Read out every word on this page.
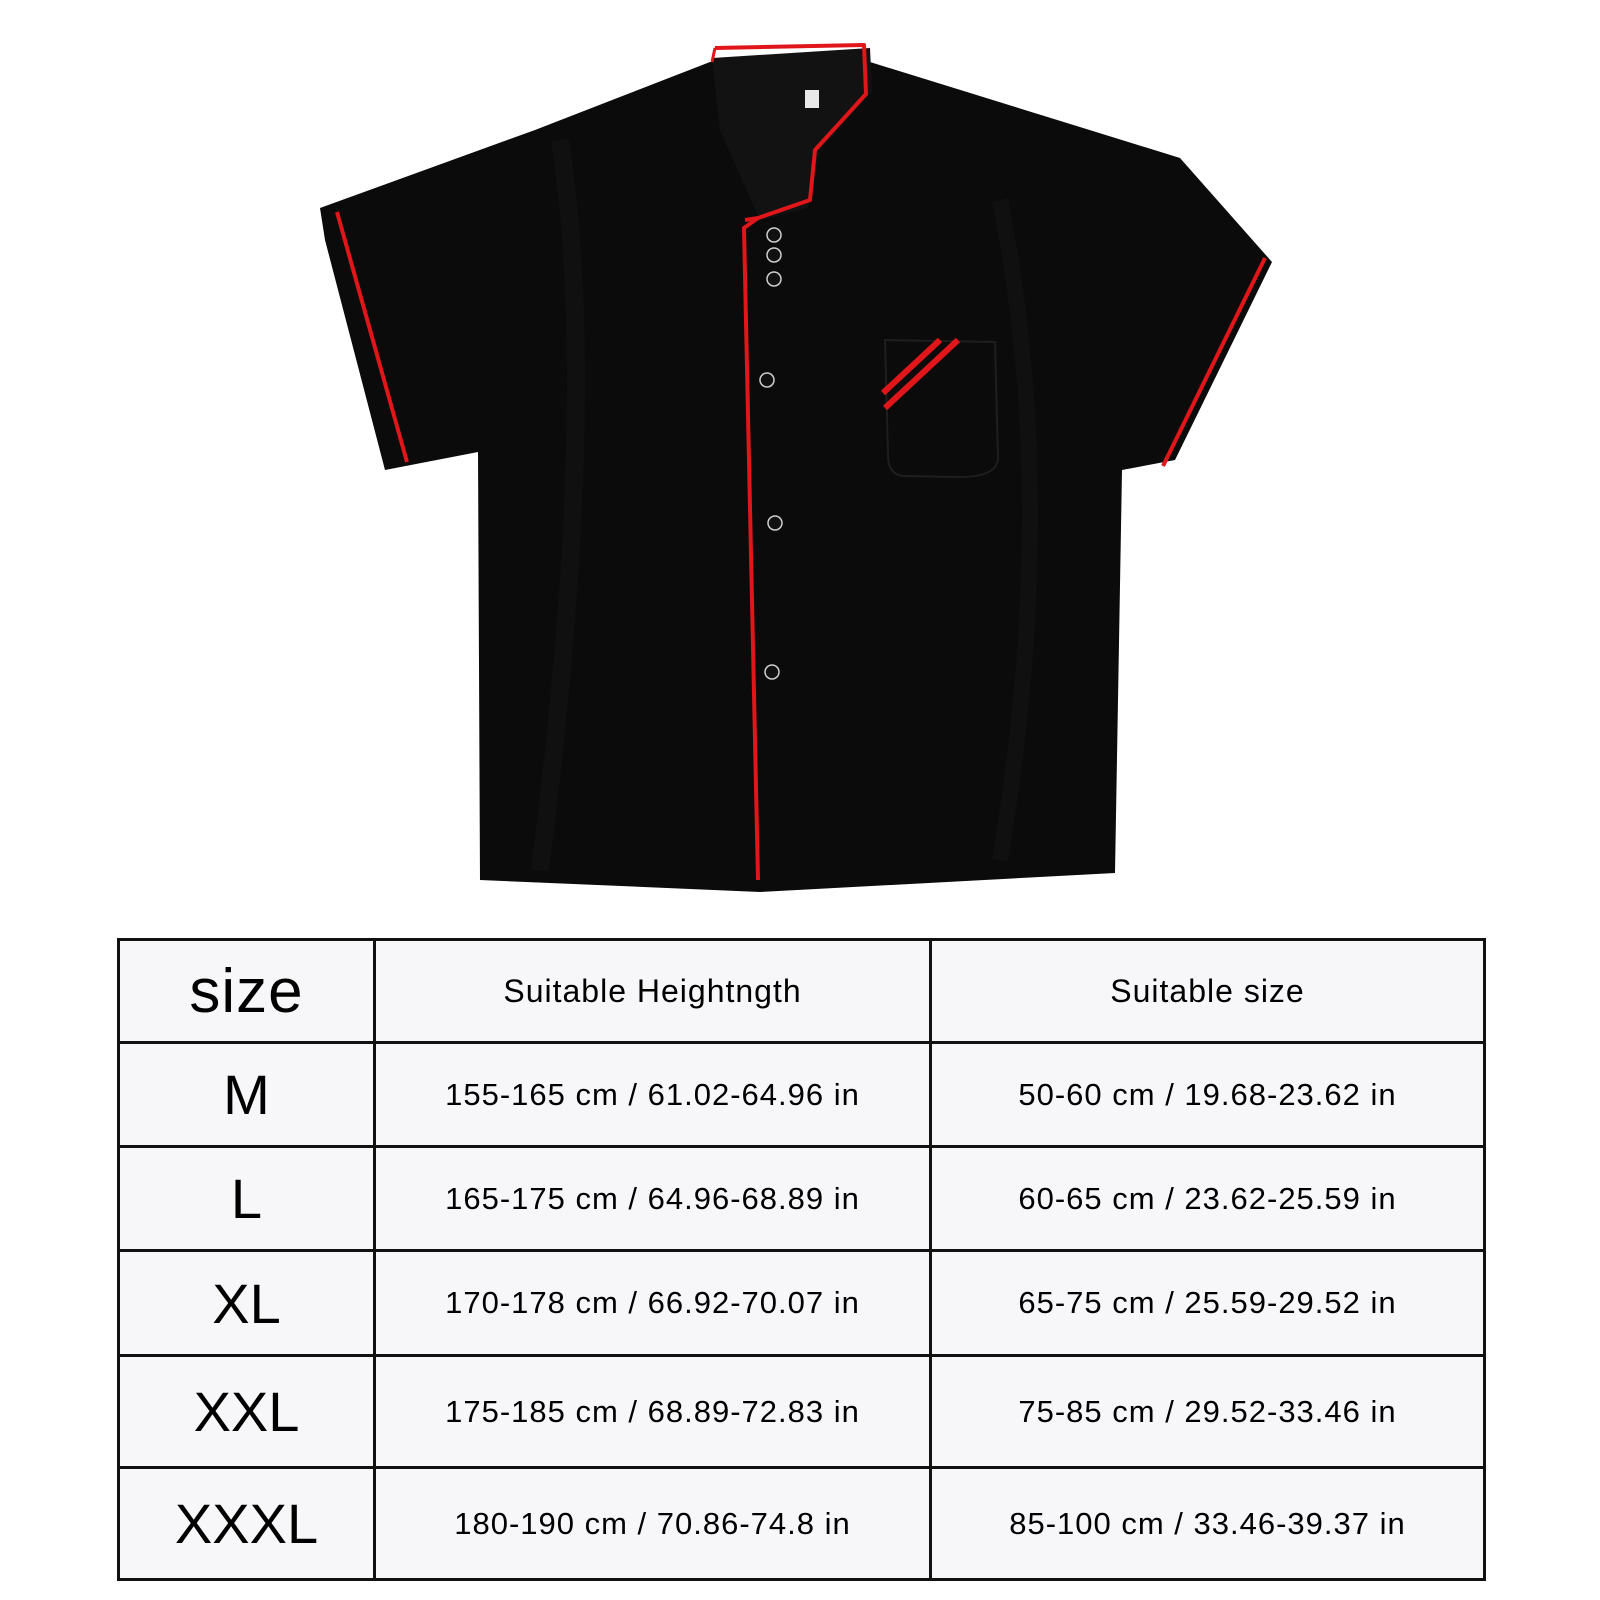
size	Suitable Heightngth	Suitable size
M	155-165 cm / 61.02-64.96 in	50-60 cm / 19.68-23.62 in
L	165-175 cm / 64.96-68.89 in	60-65 cm / 23.62-25.59 in
XL	170-178 cm / 66.92-70.07 in	65-75 cm / 25.59-29.52 in
XXL	175-185 cm / 68.89-72.83 in	75-85 cm / 29.52-33.46 in
XXXL	180-190 cm / 70.86-74.8 in	85-100 cm / 33.46-39.37 in
